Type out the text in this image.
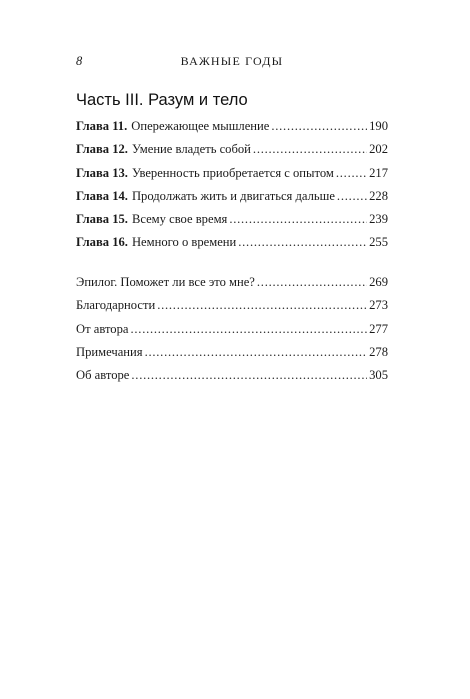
8	ВАЖНЫЕ ГОДЫ
Часть III. Разум и тело
Глава 11. Опережающее мышление . . .	190
Глава 12. Умение владеть собой . . .	202
Глава 13. Уверенность приобретается с опытом . . .	217
Глава 14. Продолжать жить и двигаться дальше . . .	228
Глава 15. Всему свое время . . .	239
Глава 16. Немного о времени . . .	255
Эпилог. Поможет ли все это мне? . . .	269
Благодарности . . .	273
От автора . . .	277
Примечания . . .	278
Об авторе . . .	305
